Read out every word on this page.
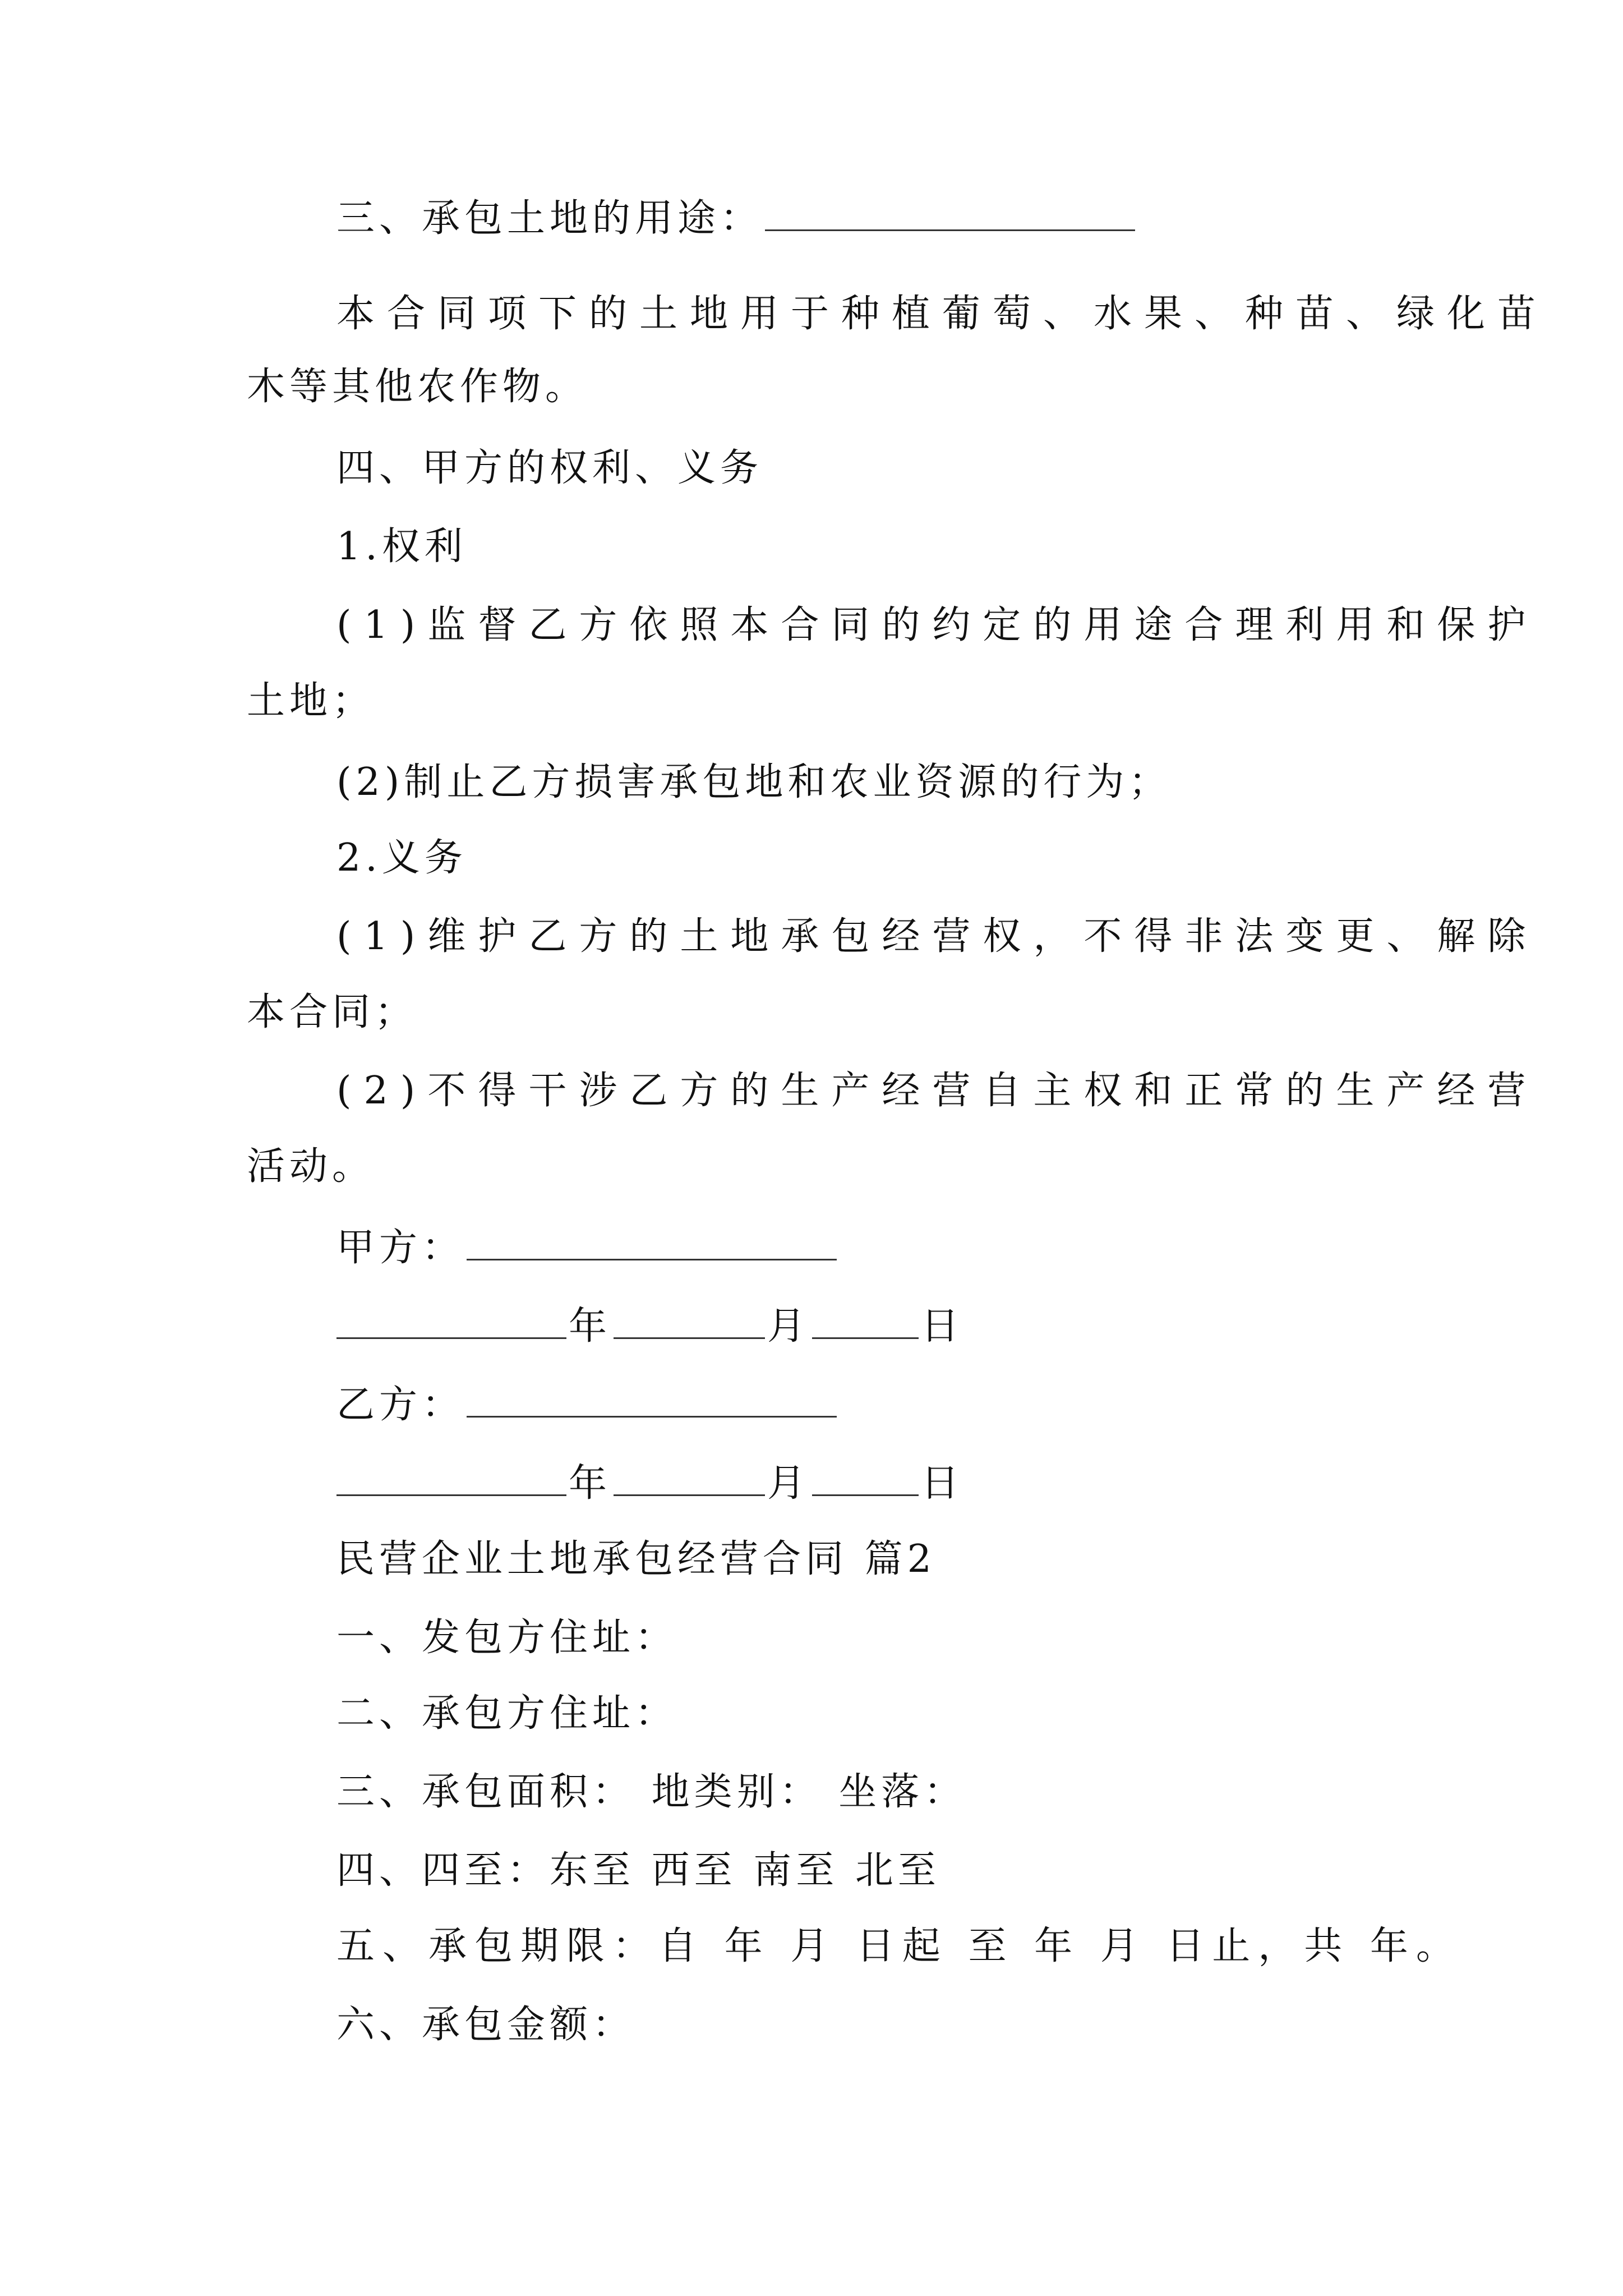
三、承包土地的用途：
本合同项下的土地用于种植葡萄、水果、种苗、绿化苗
木等其他农作物。
四、甲方的权利、义务
1.权利
(1)监督乙方依照本合同的约定的用途合理利用和保护
土地；
(2)制止乙方损害承包地和农业资源的行为；
2.义务
(1)维护乙方的土地承包经营权，不得非法变更、解除
本合同；
(2)不得干涉乙方的生产经营自主权和正常的生产经营
活动。
甲方：
年	月	日
乙方：
年	月	日
民营企业土地承包经营合同 篇2
一、发包方住址：
二、承包方住址：
三、承包面积： 地类别： 坐落：
四、四至：东至 西至 南至 北至
五、承包期限：自 年 月 日起 至 年 月 日止，共 年。
六、承包金额：
